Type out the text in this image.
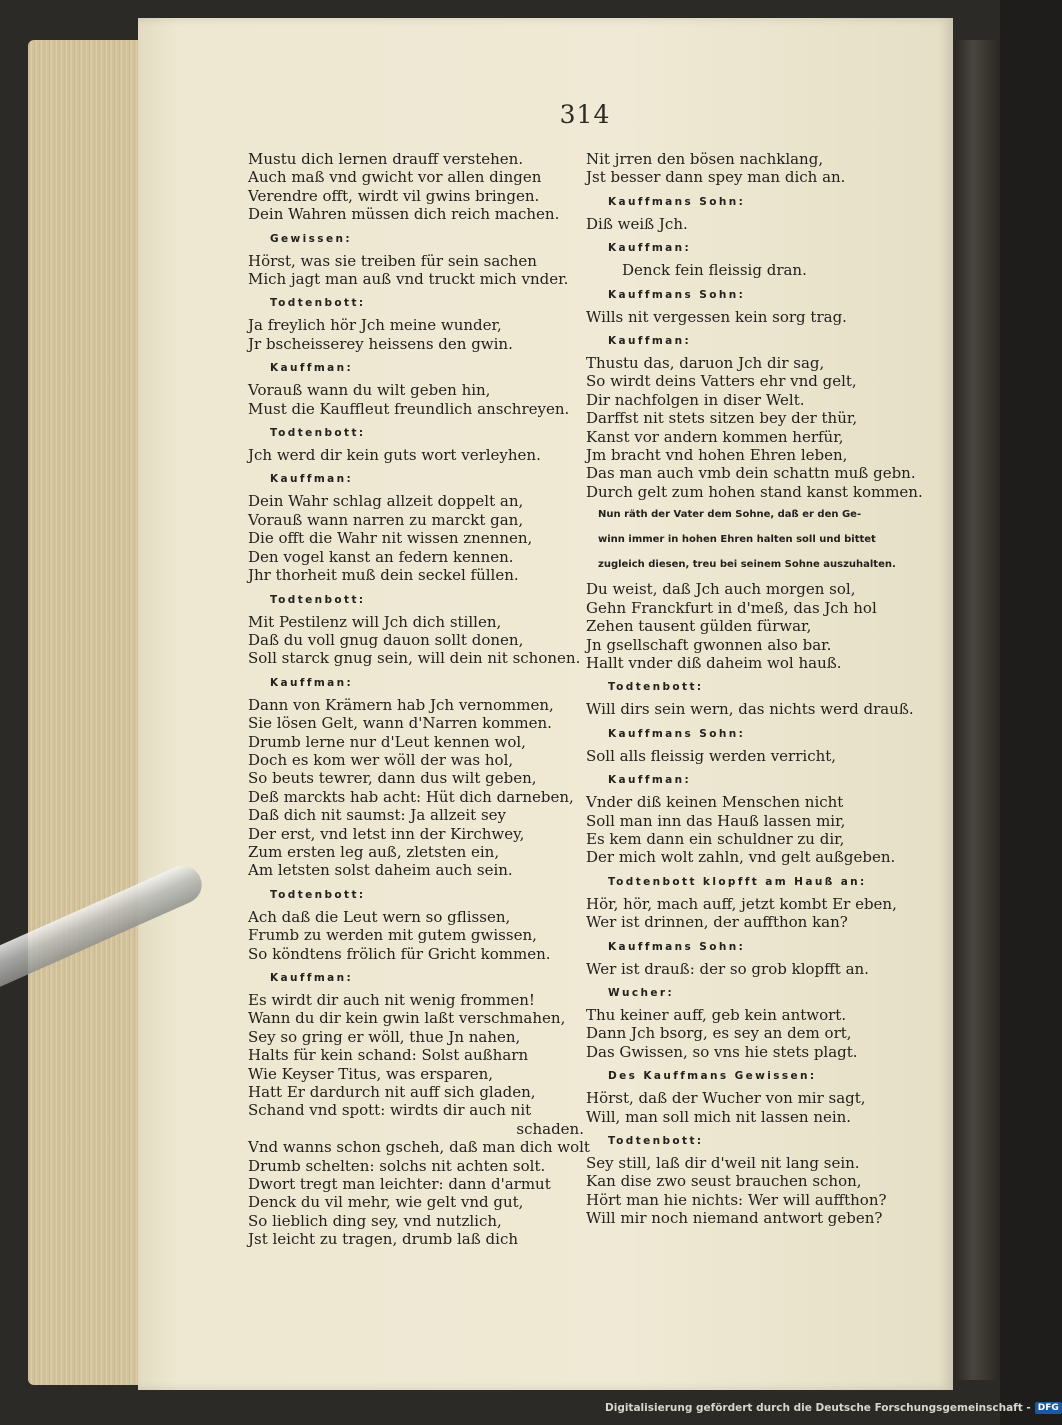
314
Mustu dich lernen drauff verstehen.
Auch maß vnd gwicht vor allen dingen
Verendre offt, wirdt vil gwins bringen.
Dein Wahren müssen dich reich machen.
Gewissen:
Hörst, was sie treiben für sein sachen
Mich jagt man auß vnd truckt mich vnder.
Todtenbott:
Ja freylich hör Jch meine wunder,
Jr bscheisserey heissens den gwin.
Kauffman:
Vorauß wann du wilt geben hin,
Must die Kauffleut freundlich anschreyen.
Todtenbott:
Jch werd dir kein guts wort verleyhen.
Kauffman:
Dein Wahr schlag allzeit doppelt an,
Vorauß wann narren zu marckt gan,
Die offt die Wahr nit wissen znennen,
Den vogel kanst an federn kennen.
Jhr thorheit muß dein seckel füllen.
Todtenbott:
Mit Pestilenz will Jch dich stillen,
Daß du voll gnug dauon sollt donen,
Soll starck gnug sein, will dein nit schonen.
Kauffman:
Dann von Krämern hab Jch vernommen,
Sie lösen Gelt, wann d'Narren kommen.
Drumb lerne nur d'Leut kennen wol,
Doch es kom wer wöll der was hol,
So beuts tewrer, dann dus wilt geben,
Deß marckts hab acht: Hüt dich darneben,
Daß dich nit saumst: Ja allzeit sey
Der erst, vnd letst inn der Kirchwey,
Zum ersten leg auß, zletsten ein,
Am letsten solst daheim auch sein.
Todtenbott:
Ach daß die Leut wern so gflissen,
Frumb zu werden mit gutem gwissen,
So köndtens frölich für Gricht kommen.
Kauffman:
Es wirdt dir auch nit wenig frommen!
Wann du dir kein gwin laßt verschmahen,
Sey so gring er wöll, thue Jn nahen,
Halts für kein schand: Solst außharn
Wie Keyser Titus, was ersparen,
Hatt Er dardurch nit auff sich gladen,
Schand vnd spott: wirdts dir auch nit
schaden.
Vnd wanns schon gscheh, daß man dich wolt
Drumb schelten: solchs nit achten solt.
Dwort tregt man leichter: dann d'armut
Denck du vil mehr, wie gelt vnd gut,
So lieblich ding sey, vnd nutzlich,
Jst leicht zu tragen, drumb laß dich
Nit jrren den bösen nachklang,
Jst besser dann spey man dich an.
Kauffmans Sohn:
Diß weiß Jch.
Kauffman:
Denck fein fleissig dran.
Kauffmans Sohn:
Wills nit vergessen kein sorg trag.
Kauffman:
Thustu das, daruon Jch dir sag,
So wirdt deins Vatters ehr vnd gelt,
Dir nachfolgen in diser Welt.
Darffst nit stets sitzen bey der thür,
Kanst vor andern kommen herfür,
Jm bracht vnd hohen Ehren leben,
Das man auch vmb dein schattn muß gebn.
Durch gelt zum hohen stand kanst kommen.
Nun räth der Vater dem Sohne, daß er den Ge-
winn immer in hohen Ehren halten soll und bittet
zugleich diesen, treu bei seinem Sohne auszuhalten.
Du weist, daß Jch auch morgen sol,
Gehn Franckfurt in d'meß, das Jch hol
Zehen tausent gülden fürwar,
Jn gsellschaft gwonnen also bar.
Hallt vnder diß daheim wol hauß.
Todtenbott:
Will dirs sein wern, das nichts werd drauß.
Kauffmans Sohn:
Soll alls fleissig werden verricht,
Kauffman:
Vnder diß keinen Menschen nicht
Soll man inn das Hauß lassen mir,
Es kem dann ein schuldner zu dir,
Der mich wolt zahln, vnd gelt außgeben.
Todtenbott klopfft am Hauß an:
Hör, hör, mach auff, jetzt kombt Er eben,
Wer ist drinnen, der auffthon kan?
Kauffmans Sohn:
Wer ist drauß: der so grob klopfft an.
Wucher:
Thu keiner auff, geb kein antwort.
Dann Jch bsorg, es sey an dem ort,
Das Gwissen, so vns hie stets plagt.
Des Kauffmans Gewissen:
Hörst, daß der Wucher von mir sagt,
Will, man soll mich nit lassen nein.
Todtenbott:
Sey still, laß dir d'weil nit lang sein.
Kan dise zwo seust brauchen schon,
Hört man hie nichts: Wer will auffthon?
Will mir noch niemand antwort geben?
Digitalisierung gefördert durch die Deutsche Forschungsgemeinschaft - DFG
